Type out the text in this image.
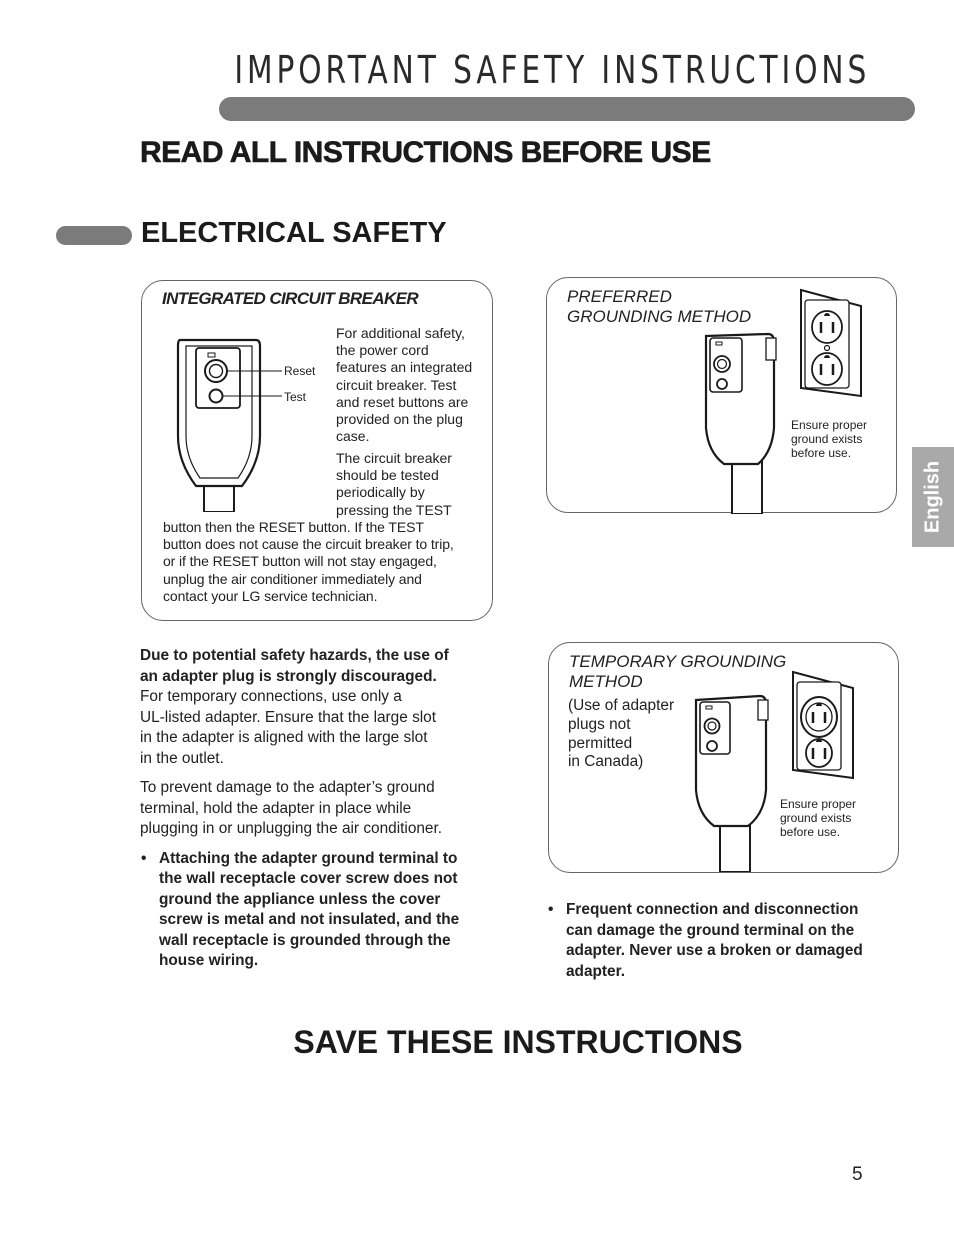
IMPORTANT SAFETY INSTRUCTIONS
READ ALL INSTRUCTIONS BEFORE USE
ELECTRICAL SAFETY
English
INTEGRATED CIRCUIT BREAKER
Reset
Test
For additional safety,
the power cord
features an integrated
circuit breaker. Test
and reset buttons are
provided on the plug
case.
The circuit breaker
should be tested
periodically by
pressing the TEST
button then the RESET button. If the TEST
button does not cause the circuit breaker to trip,
or if the RESET button will not stay engaged,
unplug the air conditioner immediately and
contact your LG service technician.
PREFERRED
GROUNDING METHOD
Ensure proper
ground exists
before use.
TEMPORARY GROUNDING
METHOD
(Use of adapter
plugs not
permitted
in Canada)
Ensure proper
ground exists
before use.
Due to potential safety hazards, the use of
an adapter plug is strongly discouraged.
For temporary connections, use only a
UL-listed adapter. Ensure that the large slot
in the adapter is aligned with the large slot
in the outlet.
To prevent damage to the adapter’s ground
terminal, hold the adapter in place while
plugging in or unplugging the air conditioner.
• Attaching the adapter ground terminal to
the wall receptacle cover screw does not
ground the appliance unless the cover
screw is metal and not insulated, and the
wall receptacle is grounded through the
house wiring.
• Frequent connection and disconnection
can damage the ground terminal on the
adapter. Never use a broken or damaged
adapter.
SAVE THESE INSTRUCTIONS
5
